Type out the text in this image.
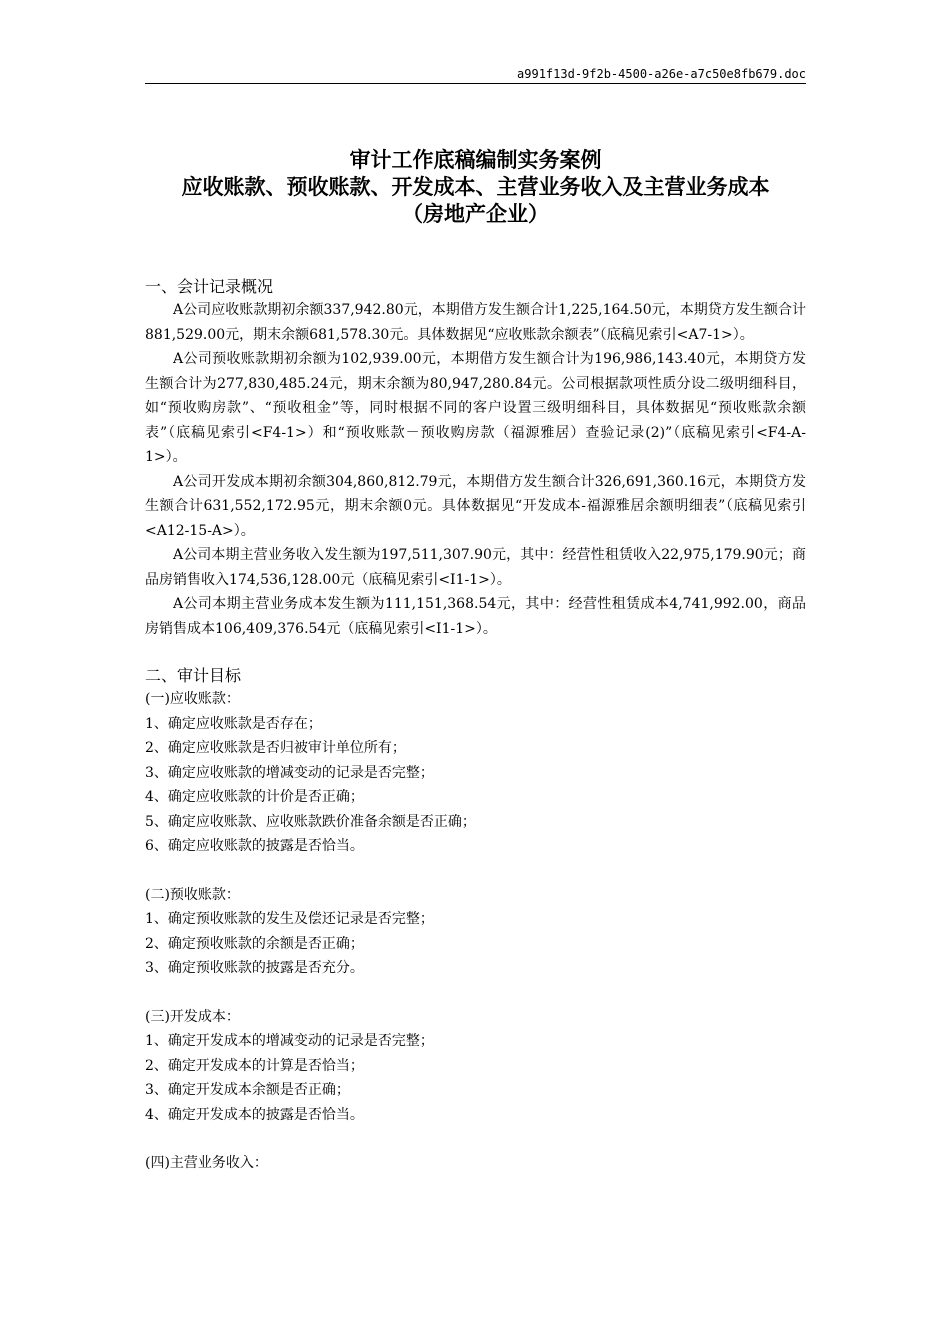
a991f13d-9f2b-4500-a26e-a7c50e8fb679.doc
审计工作底稿编制实务案例
应收账款、预收账款、开发成本、主营业务收入及主营业务成本
（房地产企业）
一、会计记录概况

A公司应收账款期初余额337,942.80元，本期借方发生额合计1,225,164.50元，本期贷方发生额合计881,529.00元，期末余额681,578.30元。具体数据见“应收账款余额表”（底稿见索引<A7-1>）。

A公司预收账款期初余额为102,939.00元，本期借方发生额合计为196,986,143.40元，本期贷方发生额合计为277,830,485.24元，期末余额为80,947,280.84元。公司根据款项性质分设二级明细科目，如“预收购房款”、“预收租金”等，同时根据不同的客户设置三级明细科目，具体数据见“预收账款余额表”（底稿见索引<F4-1>）和“预收账款－预收购房款（福源雅居）查验记录(2)”（底稿见索引<F4-A-1>）。

A公司开发成本期初余额304,860,812.79元，本期借方发生额合计326,691,360.16元，本期贷方发生额合计631,552,172.95元，期末余额0元。具体数据见“开发成本-福源雅居余额明细表”（底稿见索引<A12-15-A>）。

A公司本期主营业务收入发生额为197,511,307.90元，其中：经营性租赁收入22,975,179.90元；商品房销售收入174,536,128.00元（底稿见索引<I1-1>）。

A公司本期主营业务成本发生额为111,151,368.54元，其中：经营性租赁成本4,741,992.00，商品房销售成本106,409,376.54元（底稿见索引<I1-1>）。

二、审计目标
(一)应收账款：
1、确定应收账款是否存在；
2、确定应收账款是否归被审计单位所有；
3、确定应收账款的增减变动的记录是否完整；
4、确定应收账款的计价是否正确；
5、确定应收账款、应收账款跌价准备余额是否正确；
6、确定应收账款的披露是否恰当。
(二)预收账款：
1、确定预收账款的发生及偿还记录是否完整；
2、确定预收账款的余额是否正确；
3、确定预收账款的披露是否充分。
(三)开发成本：
1、确定开发成本的增减变动的记录是否完整；
2、确定开发成本的计算是否恰当；
3、确定开发成本余额是否正确；
4、确定开发成本的披露是否恰当。
(四)主营业务收入：
